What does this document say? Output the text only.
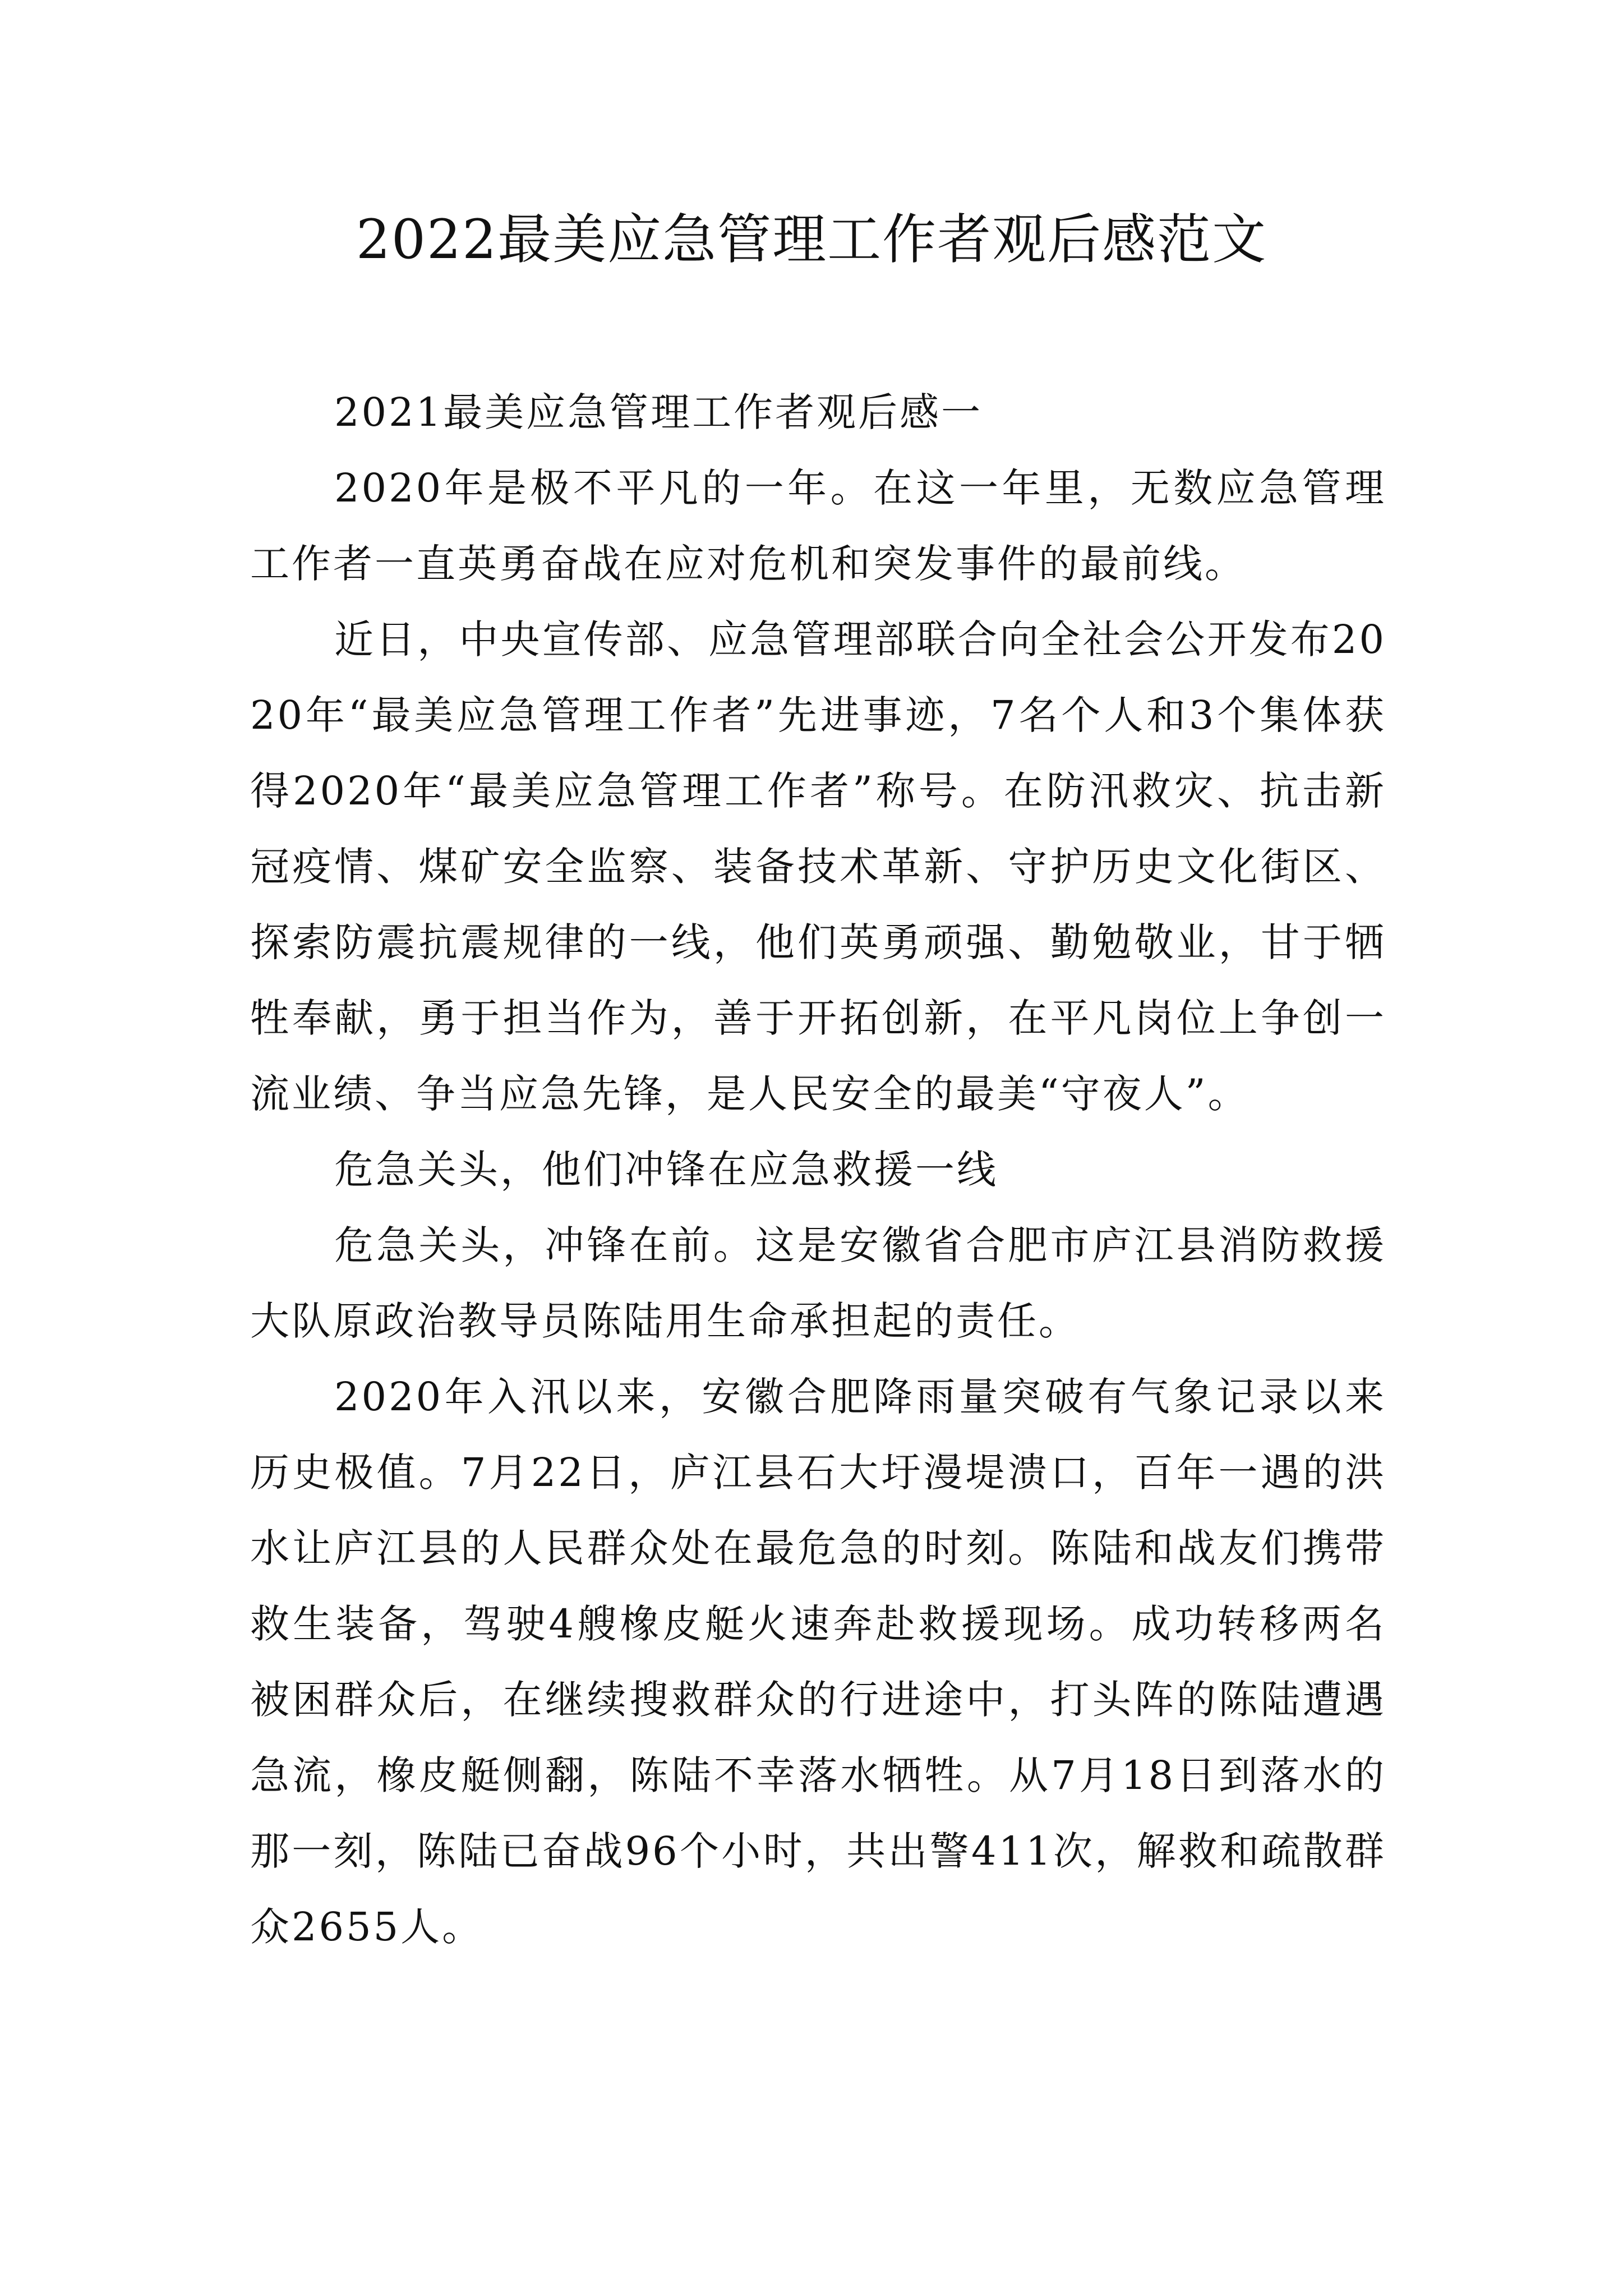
2022最美应急管理工作者观后感范文

2021最美应急管理工作者观后感一

2020年是极不平凡的一年。在这一年里，无数应急管理工作者一直英勇奋战在应对危机和突发事件的最前线。

近日，中央宣传部、应急管理部联合向全社会公开发布2020年“最美应急管理工作者”先进事迹，7名个人和3个集体获得2020年“最美应急管理工作者”称号。在防汛救灾、抗击新冠疫情、煤矿安全监察、装备技术革新、守护历史文化街区、探索防震抗震规律的一线，他们英勇顽强、勤勉敬业，甘于牺牲奉献，勇于担当作为，善于开拓创新，在平凡岗位上争创一流业绩、争当应急先锋，是人民安全的最美“守夜人”。

危急关头，他们冲锋在应急救援一线

危急关头，冲锋在前。这是安徽省合肥市庐江县消防救援大队原政治教导员陈陆用生命承担起的责任。

2020年入汛以来，安徽合肥降雨量突破有气象记录以来历史极值。7月22日，庐江县石大圩漫堤溃口，百年一遇的洪水让庐江县的人民群众处在最危急的时刻。陈陆和战友们携带救生装备，驾驶4艘橡皮艇火速奔赴救援现场。成功转移两名被困群众后，在继续搜救群众的行进途中，打头阵的陈陆遭遇急流，橡皮艇侧翻，陈陆不幸落水牺牲。从7月18日到落水的那一刻，陈陆已奋战96个小时，共出警411次，解救和疏散群众2655人。
